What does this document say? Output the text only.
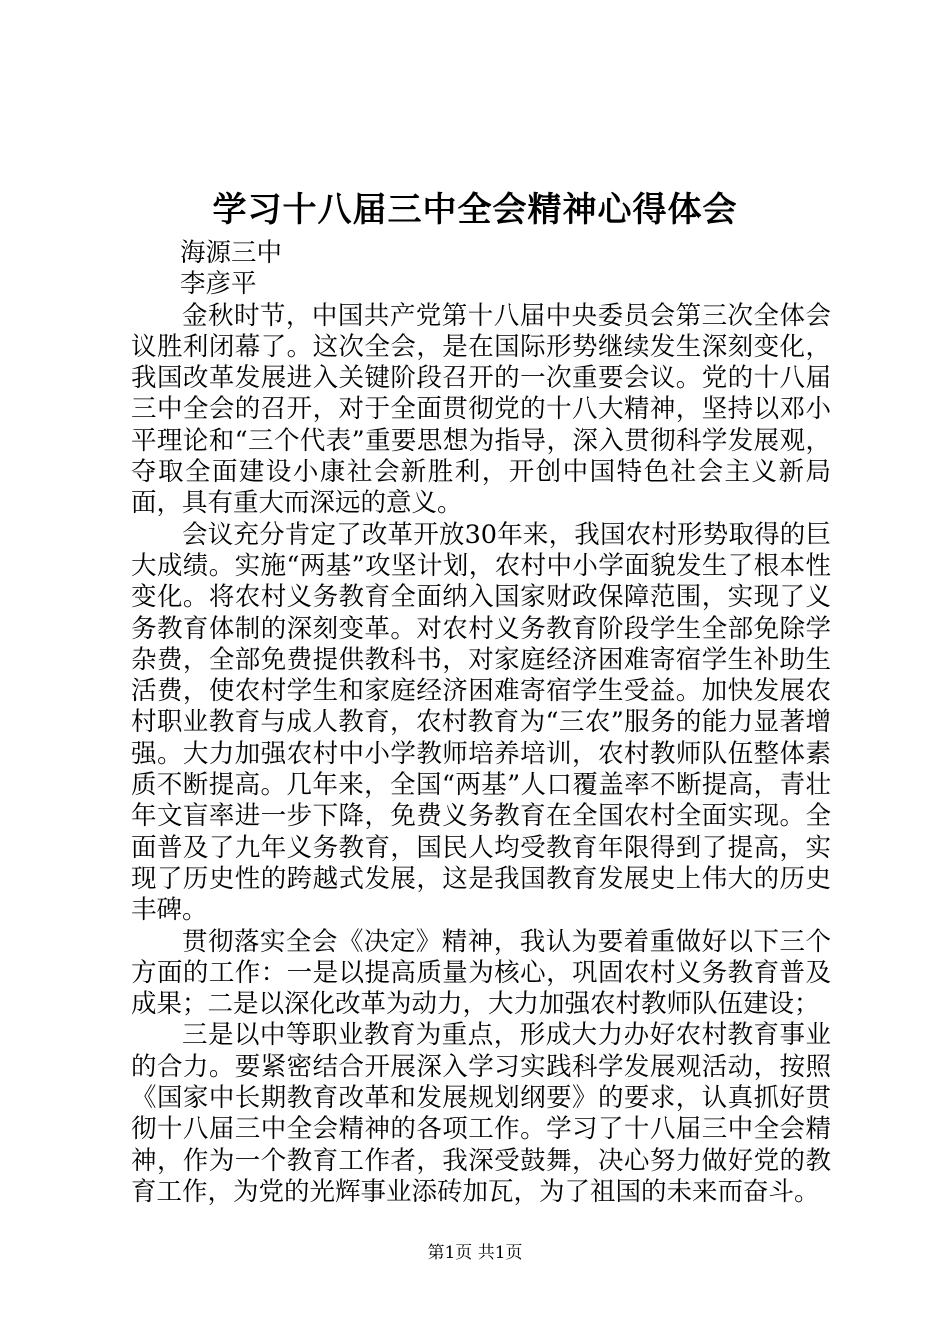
学习十八届三中全会精神心得体会
海源三中
李彦平

金秋时节，中国共产党第十八届中央委员会第三次全体会议胜利闭幕了。这次全会，是在国际形势继续发生深刻变化，我国改革发展进入关键阶段召开的一次重要会议。党的十八届三中全会的召开，对于全面贯彻党的十八大精神，坚持以邓小平理论和“三个代表”重要思想为指导，深入贯彻科学发展观，夺取全面建设小康社会新胜利，开创中国特色社会主义新局面，具有重大而深远的意义。

会议充分肯定了改革开放30年来，我国农村形势取得的巨大成绩。实施“两基”攻坚计划，农村中小学面貌发生了根本性变化。将农村义务教育全面纳入国家财政保障范围，实现了义务教育体制的深刻变革。对农村义务教育阶段学生全部免除学杂费，全部免费提供教科书，对家庭经济困难寄宿学生补助生活费，使农村学生和家庭经济困难寄宿学生受益。加快发展农村职业教育与成人教育，农村教育为“三农”服务的能力显著增强。大力加强农村中小学教师培养培训，农村教师队伍整体素质不断提高。几年来，全国“两基”人口覆盖率不断提高，青壮年文盲率进一步下降，免费义务教育在全国农村全面实现。全面普及了九年义务教育，国民人均受教育年限得到了提高，实现了历史性的跨越式发展，这是我国教育发展史上伟大的历史丰碑。

贯彻落实全会《决定》精神，我认为要着重做好以下三个方面的工作：一是以提高质量为核心，巩固农村义务教育普及成果；二是以深化改革为动力，大力加强农村教师队伍建设；

三是以中等职业教育为重点，形成大力办好农村教育事业的合力。要紧密结合开展深入学习实践科学发展观活动，按照《国家中长期教育改革和发展规划纲要》的要求，认真抓好贯彻十八届三中全会精神的各项工作。学习了十八届三中全会精神，作为一个教育工作者，我深受鼓舞，决心努力做好党的教育工作，为党的光辉事业添砖加瓦，为了祖国的未来而奋斗。

第1页 共1页
